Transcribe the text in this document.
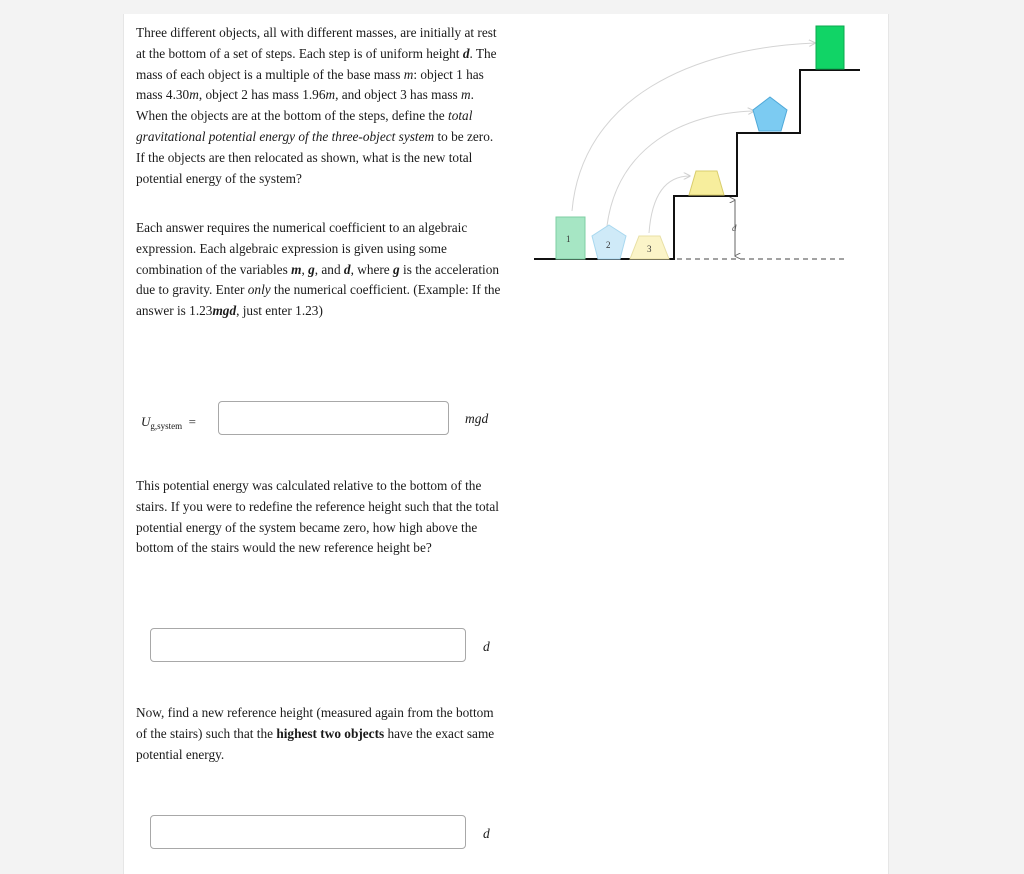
Three different objects, all with different masses, are initially at rest at the bottom of a set of steps. Each step is of uniform height d. The mass of each object is a multiple of the base mass m: object 1 has mass 4.30m, object 2 has mass 1.96m, and object 3 has mass m. When the objects are at the bottom of the steps, define the total gravitational potential energy of the three-object system to be zero. If the objects are then relocated as shown, what is the new total potential energy of the system?

Each answer requires the numerical coefficient to an algebraic expression. Each algebraic expression is given using some combination of the variables m, g, and d, where g is the acceleration due to gravity. Enter only the numerical coefficient. (Example: If the answer is 1.23mgd, just enter 1.23)

$U_{g,system}$ =	mgd

This potential energy was calculated relative to the bottom of the stairs. If you were to redefine the reference height such that the total potential energy of the system became zero, how high above the bottom of the stairs would the new reference height be?

d

Now, find a new reference height (measured again from the bottom of the stairs) such that the highest two objects have the exact same potential energy.

d
d
1
2	3
